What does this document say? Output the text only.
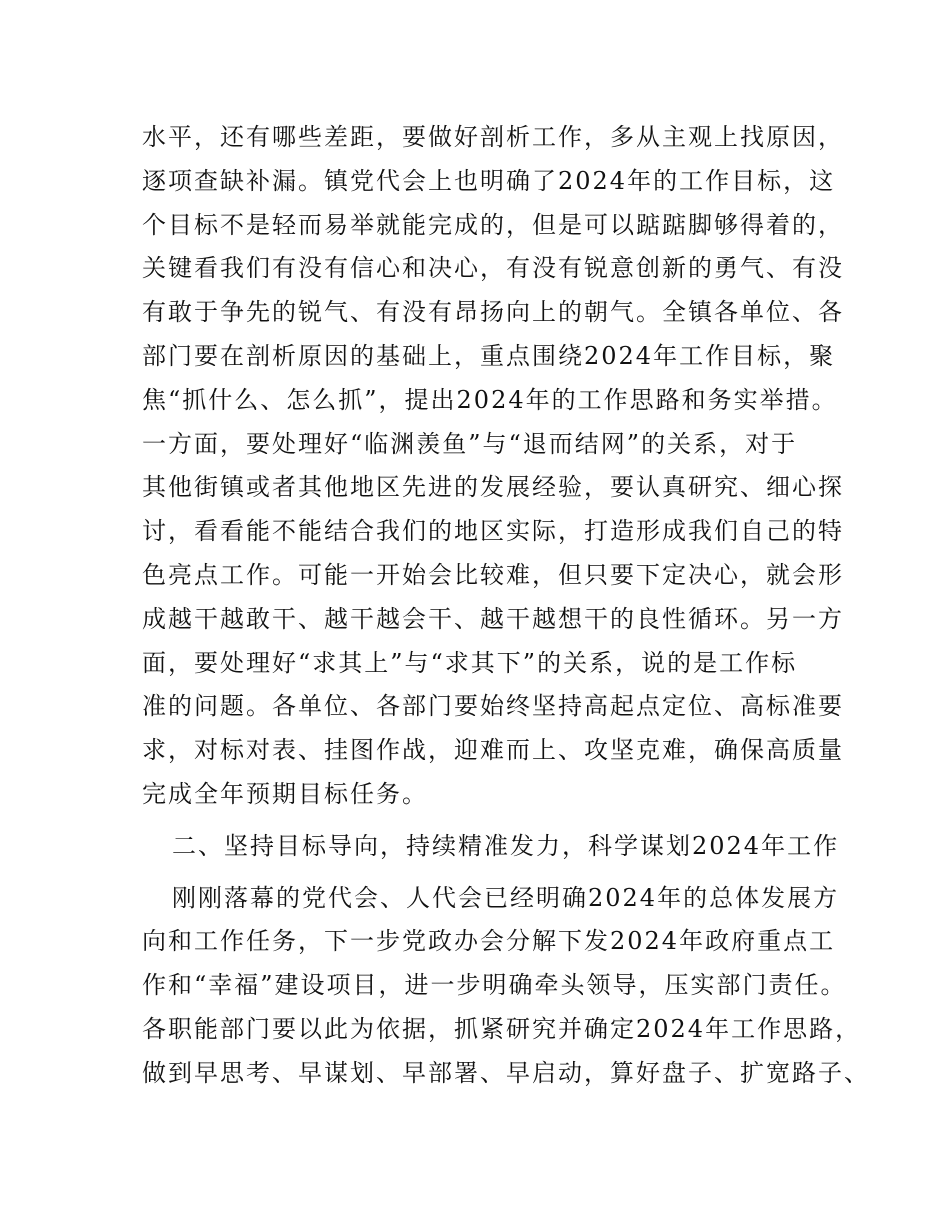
水平，还有哪些差距，要做好剖析工作，多从主观上找原因，
逐项查缺补漏。镇党代会上也明确了2024年的工作目标，这
个目标不是轻而易举就能完成的，但是可以踮踮脚够得着的，
关键看我们有没有信心和决心，有没有锐意创新的勇气、有没
有敢于争先的锐气、有没有昂扬向上的朝气。全镇各单位、各
部门要在剖析原因的基础上，重点围绕2024年工作目标，聚
焦“抓什么、怎么抓”，提出2024年的工作思路和务实举措。
一方面，要处理好“临渊羡鱼”与“退而结网”的关系，对于
其他街镇或者其他地区先进的发展经验，要认真研究、细心探
讨，看看能不能结合我们的地区实际，打造形成我们自己的特
色亮点工作。可能一开始会比较难，但只要下定决心，就会形
成越干越敢干、越干越会干、越干越想干的良性循环。另一方
面，要处理好“求其上”与“求其下”的关系，说的是工作标
准的问题。各单位、各部门要始终坚持高起点定位、高标准要
求，对标对表、挂图作战，迎难而上、攻坚克难，确保高质量
完成全年预期目标任务。
二、坚持目标导向，持续精准发力，科学谋划2024年工作
刚刚落幕的党代会、人代会已经明确2024年的总体发展方
向和工作任务，下一步党政办会分解下发2024年政府重点工
作和“幸福”建设项目，进一步明确牵头领导，压实部门责任。
各职能部门要以此为依据，抓紧研究并确定2024年工作思路，
做到早思考、早谋划、早部署、早启动，算好盘子、扩宽路子、
